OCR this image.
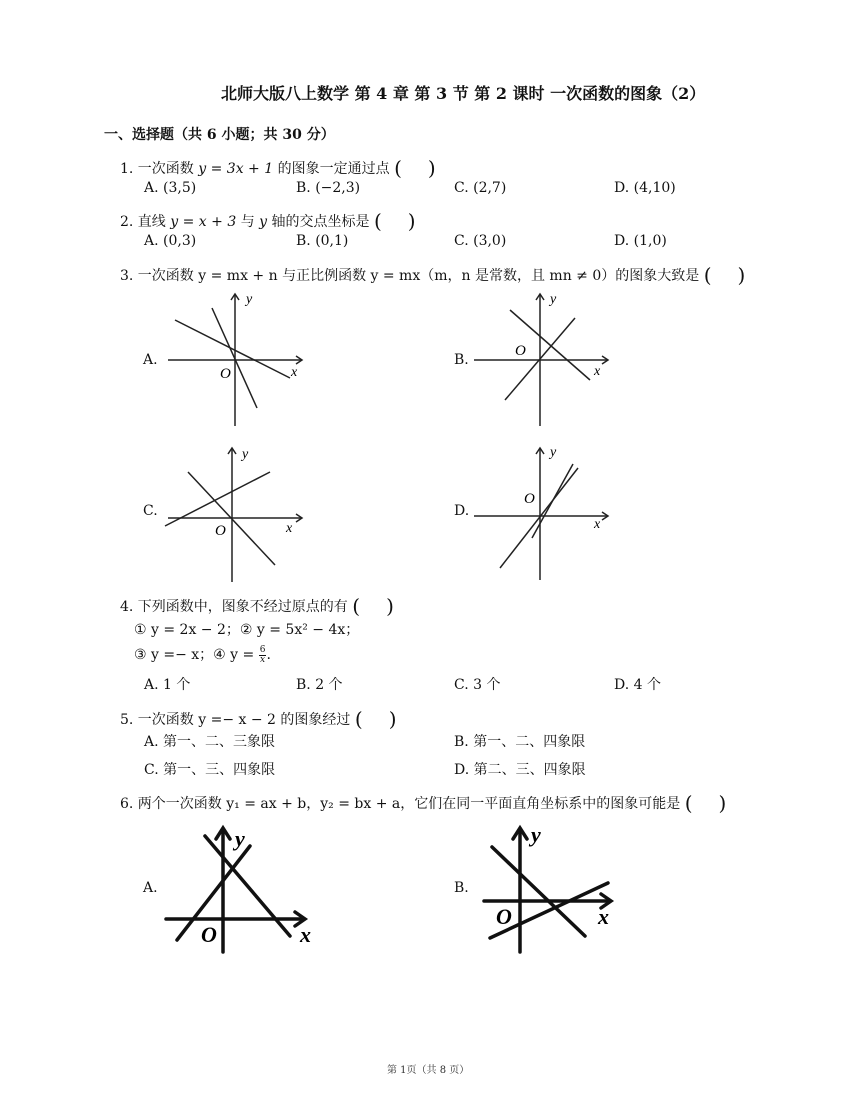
北师大版八上数学 第 4 章 第 3 节 第 2 课时 一次函数的图象（2）
一、选择题（共 6 小题；共 30 分）
1. 一次函数 y = 3x + 1 的图象一定通过点 ( )
A. (3,5)	B. (−2,3)	C. (2,7)	D. (4,10)
2. 直线 y = x + 3 与 y 轴的交点坐标是 ( )
A. (0,3)	B. (0,1)	C. (3,0)	D. (1,0)
3. 一次函数 y = mx + n 与正比例函数 y = mx（m，n 是常数，且 mn ≠ 0）的图象大致是 ( )
A.
y
x
O
B.
y
x
O
C.
y
x
O
D.
y
x
O
4. 下列函数中，图象不经过原点的有 ( )
① y = 2x − 2；② y = 5x² − 4x；
③ y =− x；④ $y = \frac{6}{x}$ .
A. 1 个	B. 2 个	C. 3 个	D. 4 个
5. 一次函数 y =− x − 2 的图象经过 ( )
A. 第一、二、三象限	B. 第一、二、四象限
C. 第一、三、四象限	D. 第二、三、四象限
6. 两个一次函数 y₁ = ax + b，y₂ = bx + a，它们在同一平面直角坐标系中的图象可能是 ( )
A.
y
x
O
B.
y
x
O
第 1页（共 8 页）
